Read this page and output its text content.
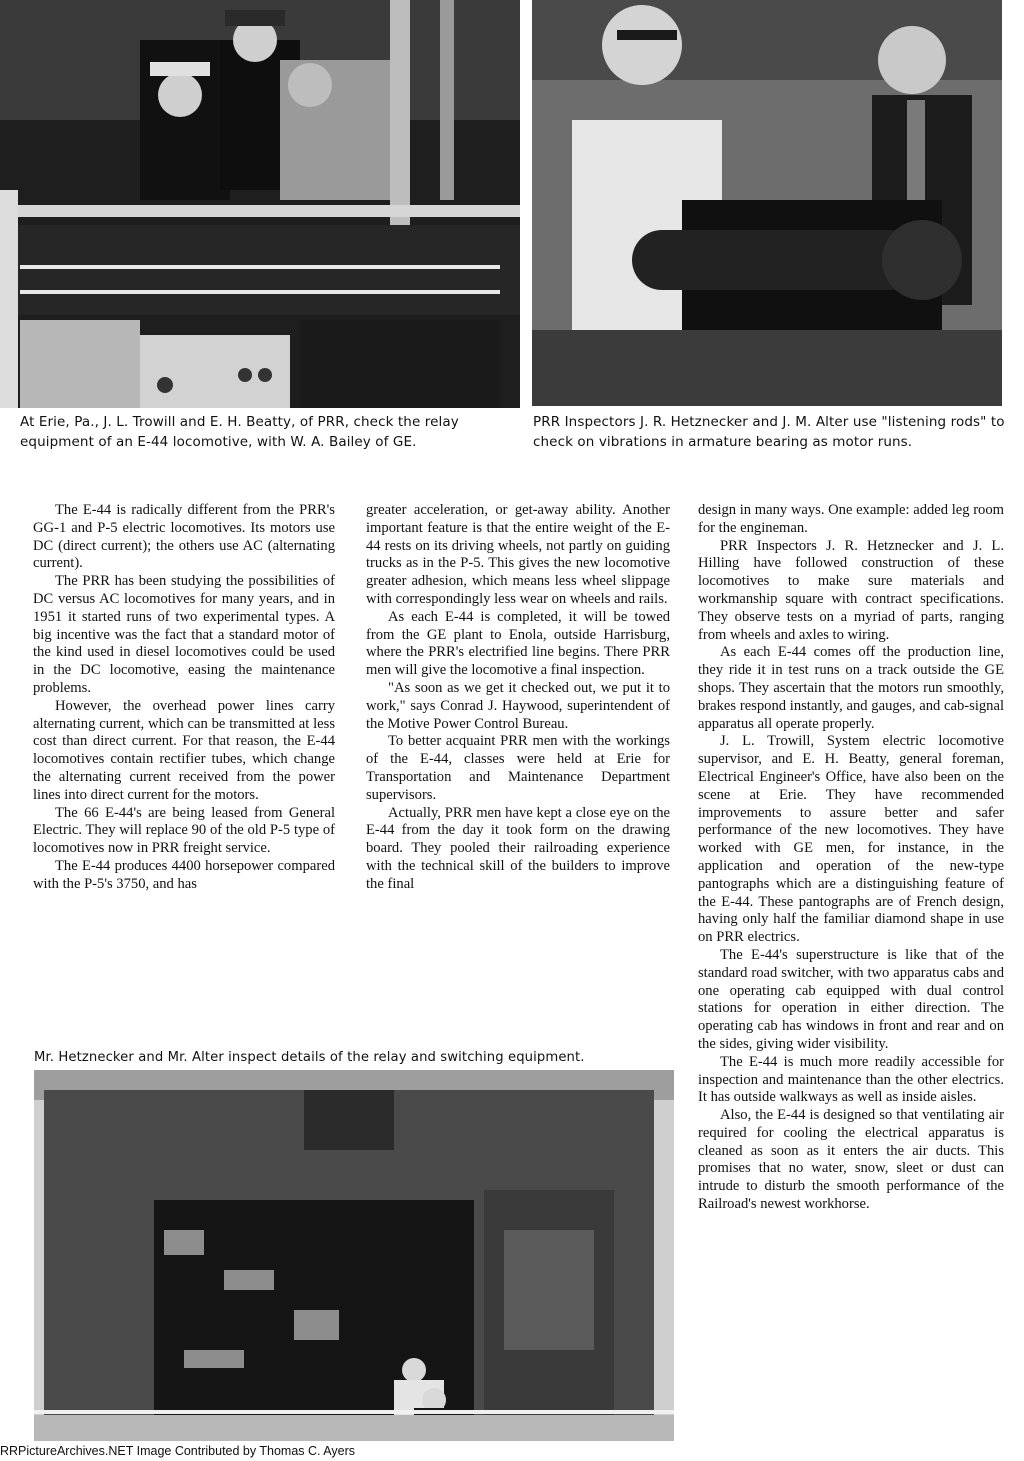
At Erie, Pa., J. L. Trowill and E. H. Beatty, of PRR, check the relay equipment of an E-44 locomotive, with W. A. Bailey of GE.
PRR Inspectors J. R. Hetznecker and J. M. Alter use "listening rods" to check on vibrations in armature bearing as motor runs.

The E-44 is radically different from the PRR's GG-1 and P-5 electric locomotives. Its motors use DC (direct current); the others use AC (alternating current).

The PRR has been studying the possibilities of DC versus AC locomotives for many years, and in 1951 it started runs of two experimental types. A big incentive was the fact that a standard motor of the kind used in diesel locomotives could be used in the DC locomotive, easing the maintenance problems.

However, the overhead power lines carry alternating current, which can be transmitted at less cost than direct current. For that reason, the E-44 locomotives contain rectifier tubes, which change the alternating current received from the power lines into direct current for the motors.

The 66 E-44's are being leased from General Electric. They will replace 90 of the old P-5 type of locomotives now in PRR freight service.

The E-44 produces 4400 horsepower compared with the P-5's 3750, and has

greater acceleration, or get-away ability. Another important feature is that the entire weight of the E-44 rests on its driving wheels, not partly on guiding trucks as in the P-5. This gives the new locomotive greater adhesion, which means less wheel slippage with correspondingly less wear on wheels and rails.

As each E-44 is completed, it will be towed from the GE plant to Enola, outside Harrisburg, where the PRR's electrified line begins. There PRR men will give the locomotive a final inspection.

"As soon as we get it checked out, we put it to work," says Conrad J. Haywood, superintendent of the Motive Power Control Bureau.

To better acquaint PRR men with the workings of the E-44, classes were held at Erie for Transportation and Maintenance Department supervisors.

Actually, PRR men have kept a close eye on the E-44 from the day it took form on the drawing board. They pooled their railroading experience with the technical skill of the builders to improve the final

design in many ways. One example: added leg room for the engineman.

PRR Inspectors J. R. Hetznecker and J. L. Hilling have followed construction of these locomotives to make sure materials and workmanship square with contract specifications. They observe tests on a myriad of parts, ranging from wheels and axles to wiring.

As each E-44 comes off the production line, they ride it in test runs on a track outside the GE shops. They ascertain that the motors run smoothly, brakes respond instantly, and gauges, and cab-signal apparatus all operate properly.

J. L. Trowill, System electric locomotive supervisor, and E. H. Beatty, general foreman, Electrical Engineer's Office, have also been on the scene at Erie. They have recommended improvements to assure better and safer performance of the new locomotives. They have worked with GE men, for instance, in the application and operation of the new-type pantographs which are a distinguishing feature of the E-44. These pantographs are of French design, having only half the familiar diamond shape in use on PRR electrics.

The E-44's superstructure is like that of the standard road switcher, with two apparatus cabs and one operating cab equipped with dual control stations for operation in either direction. The operating cab has windows in front and rear and on the sides, giving wider visibility.

The E-44 is much more readily accessible for inspection and maintenance than the other electrics. It has outside walkways as well as inside aisles.

Also, the E-44 is designed so that ventilating air required for cooling the electrical apparatus is cleaned as soon as it enters the air ducts. This promises that no water, snow, sleet or dust can intrude to disturb the smooth performance of the Railroad's newest workhorse.

Mr. Hetznecker and Mr. Alter inspect details of the relay and switching equipment.
RRPictureArchives.NET Image Contributed by Thomas C. Ayers
